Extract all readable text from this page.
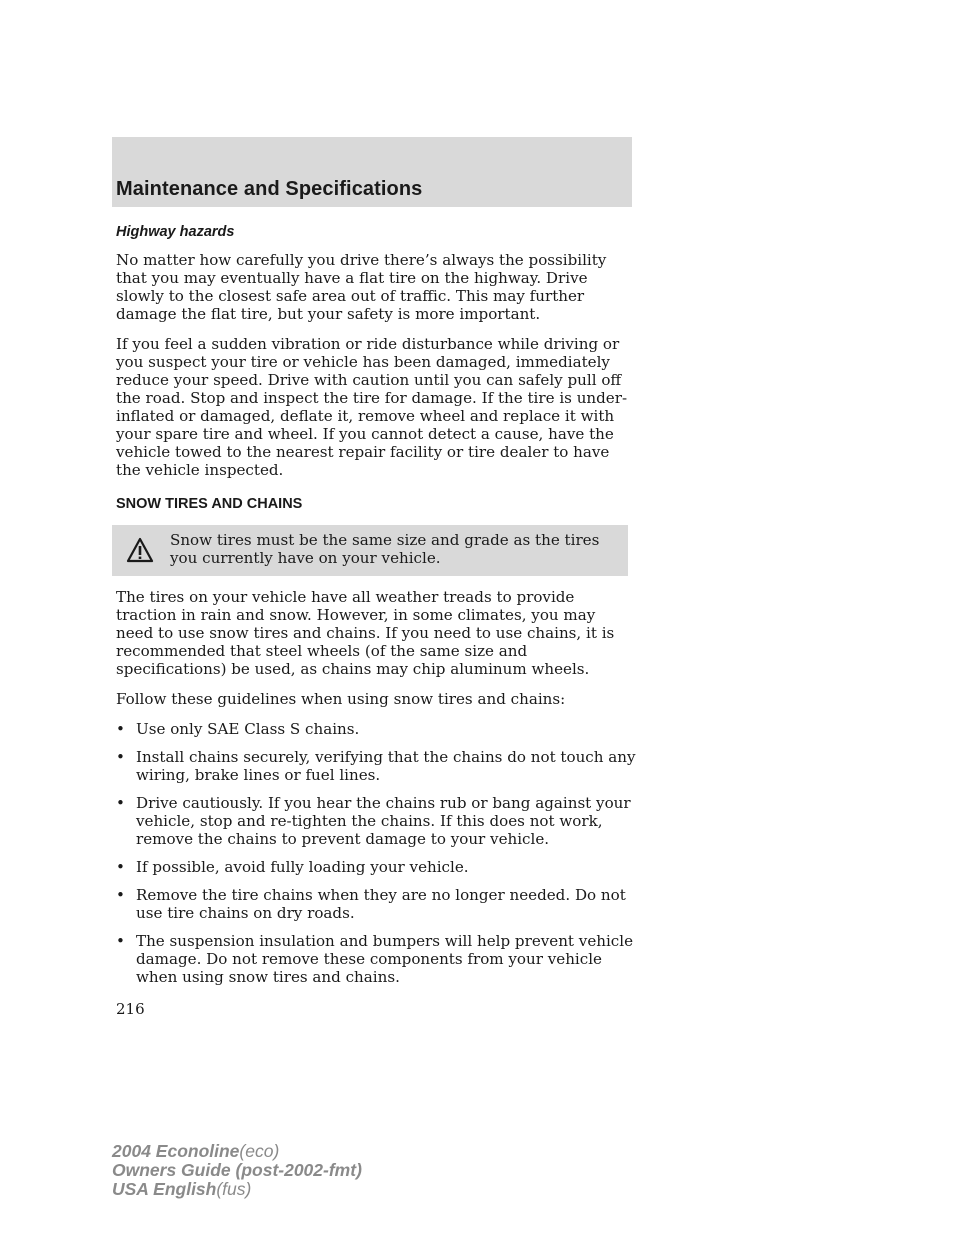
Maintenance and Specifications

Highway hazards

No matter how carefully you drive there’s always the possibility that you may eventually have a flat tire on the highway. Drive slowly to the closest safe area out of traffic. This may further damage the flat tire, but your safety is more important.

If you feel a sudden vibration or ride disturbance while driving or you suspect your tire or vehicle has been damaged, immediately reduce your speed. Drive with caution until you can safely pull off the road. Stop and inspect the tire for damage. If the tire is under-inflated or damaged, deflate it, remove wheel and replace it with your spare tire and wheel. If you cannot detect a cause, have the vehicle towed to the nearest repair facility or tire dealer to have the vehicle inspected.

SNOW TIRES AND CHAINS
Snow tires must be the same size and grade as the tires you currently have on your vehicle.

The tires on your vehicle have all weather treads to provide traction in rain and snow. However, in some climates, you may need to use snow tires and chains. If you need to use chains, it is recommended that steel wheels (of the same size and specifications) be used, as chains may chip aluminum wheels.

Follow these guidelines when using snow tires and chains:

• Use only SAE Class S chains.
• Install chains securely, verifying that the chains do not touch any wiring, brake lines or fuel lines.
• Drive cautiously. If you hear the chains rub or bang against your vehicle, stop and re-tighten the chains. If this does not work, remove the chains to prevent damage to your vehicle.
• If possible, avoid fully loading your vehicle.
• Remove the tire chains when they are no longer needed. Do not use tire chains on dry roads.
• The suspension insulation and bumpers will help prevent vehicle damage. Do not remove these components from your vehicle when using snow tires and chains.
216
2004 Econoline(eco)
Owners Guide (post-2002-fmt)
USA English(fus)
